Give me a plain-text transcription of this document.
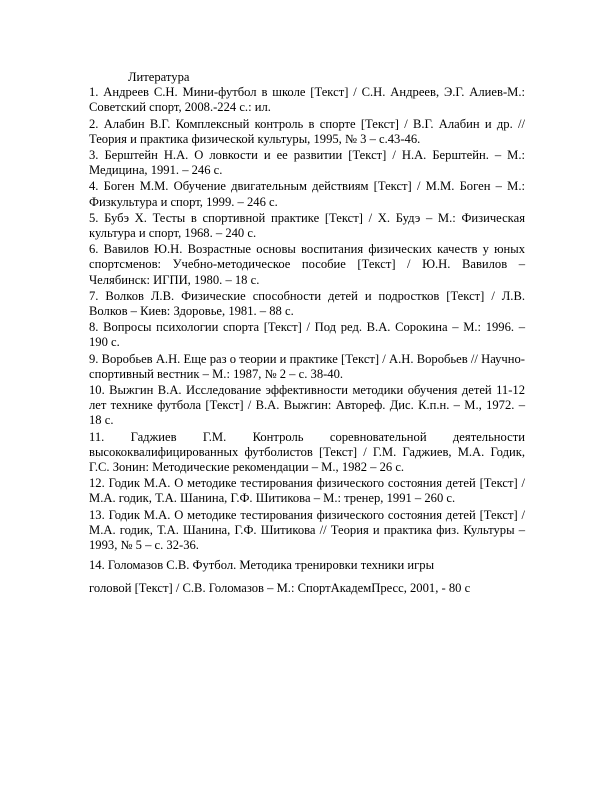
Литература

1. Андреев С.Н. Мини-футбол в школе [Текст] / С.Н. Андреев, Э.Г. Алиев-М.: Советский спорт, 2008.-224 с.: ил.

2. Алабин В.Г. Комплексный контроль в спорте [Текст] / В.Г. Алабин и др. // Теория и практика физической культуры, 1995, № 3 – с.43-46.

3. Берштейн Н.А. О ловкости и ее развитии [Текст] / Н.А. Берштейн. – М.: Медицина, 1991. – 246 с.

4. Боген М.М. Обучение двигательным действиям [Текст] / М.М. Боген – М.: Физкультура и спорт, 1999. – 246 с.

5. Бубэ Х. Тесты в спортивной практике [Текст] / Х. Будэ – М.: Физическая культура и спорт, 1968. – 240 с.

6. Вавилов Ю.Н. Возрастные основы воспитания физических качеств у юных спортсменов: Учебно-методическое пособие [Текст] / Ю.Н. Вавилов – Челябинск: ИГПИ, 1980. – 18 с.

7. Волков Л.В. Физические способности детей и подростков [Текст] / Л.В. Волков – Киев: Здоровье, 1981. – 88 с.

8. Вопросы психологии спорта [Текст] / Под ред. В.А. Сорокина – М.: 1996. – 190 с.

9. Воробьев А.Н. Еще раз о теории и практике [Текст] / А.Н. Воробьев // Научно-спортивный вестник – М.: 1987, № 2 – с. 38-40.

10. Выжгин В.А. Исследование эффективности методики обучения детей 11-12 лет технике футбола [Текст] / В.А. Выжгин: Автореф. Дис. К.п.н. – М., 1972. – 18 с.

11. Гаджиев Г.М. Контроль соревновательной деятельности высококвалифицированных футболистов [Текст] / Г.М. Гаджиев, М.А. Годик, Г.С. Зонин: Методические рекомендации – М., 1982 – 26 с.

12. Годик М.А. О методике тестирования физического состояния детей [Текст] / М.А. годик, Т.А. Шанина, Г.Ф. Шитикова – М.: тренер, 1991 – 260 с.

13. Годик М.А. О методике тестирования физического состояния детей [Текст] / М.А. годик, Т.А. Шанина, Г.Ф. Шитикова // Теория и практика физ. Культуры – 1993, № 5 – с. 32-36.

14. Голомазов С.В. Футбол. Методика тренировки техники игры

головой [Текст] / С.В. Голомазов – М.: СпортАкадемПресс, 2001, - 80 с
